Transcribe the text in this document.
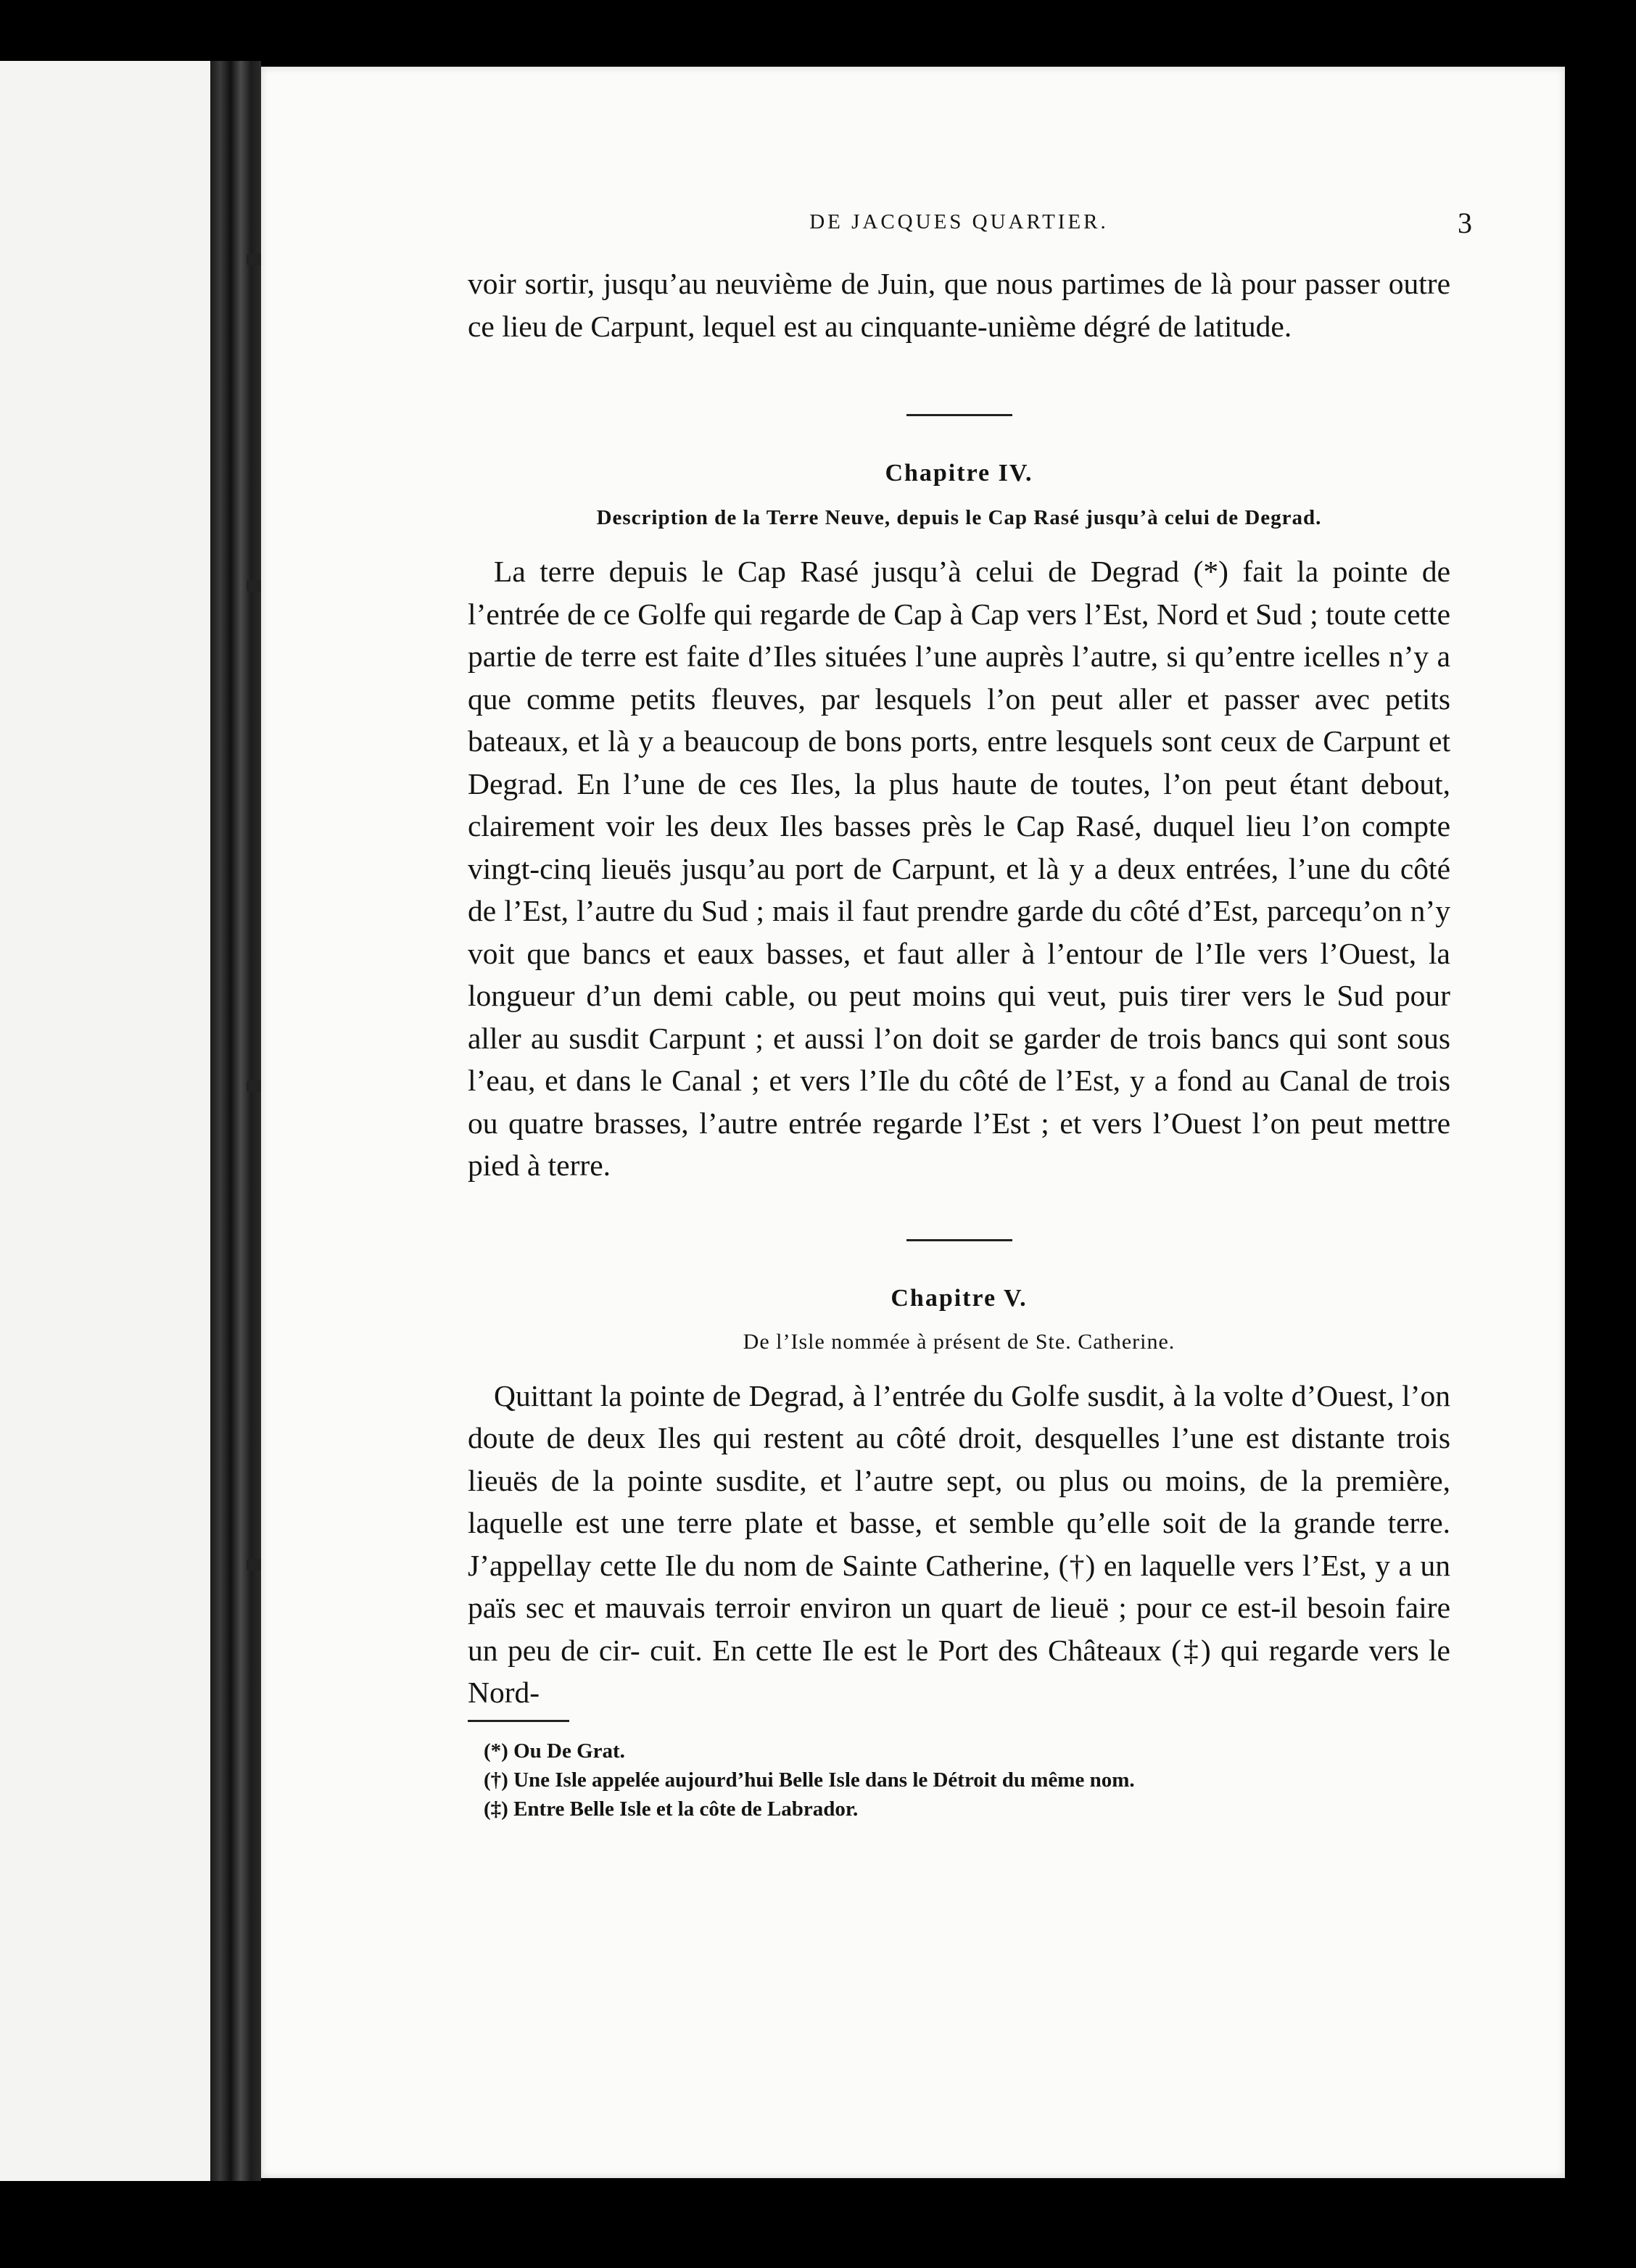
DE JACQUES QUARTIER.	3

voir sortir, jusqu’au neuvième de Juin, que nous partimes de là pour passer outre ce lieu de Carpunt, lequel est au cinquante-unième dégré de latitude.

Chapitre IV.
Description de la Terre Neuve, depuis le Cap Rasé jusqu’à celui de Degrad.

La terre depuis le Cap Rasé jusqu’à celui de Degrad (*) fait la pointe de l’entrée de ce Golfe qui regarde de Cap à Cap vers l’Est, Nord et Sud ; toute cette partie de terre est faite d’Iles situées l’une auprès l’autre, si qu’entre icelles n’y a que comme petits fleuves, par lesquels l’on peut aller et passer avec petits bateaux, et là y a beaucoup de bons ports, entre lesquels sont ceux de Carpunt et Degrad. En l’une de ces Iles, la plus haute de toutes, l’on peut étant debout, clairement voir les deux Iles basses près le Cap Rasé, duquel lieu l’on compte vingt-cinq lieuës jusqu’au port de Carpunt, et là y a deux entrées, l’une du côté de l’Est, l’autre du Sud ; mais il faut prendre garde du côté d’Est, parcequ’on n’y voit que bancs et eaux basses, et faut aller à l’entour de l’Ile vers l’Ouest, la longueur d’un demi cable, ou peut moins qui veut, puis tirer vers le Sud pour aller au susdit Carpunt ; et aussi l’on doit se garder de trois bancs qui sont sous l’eau, et dans le Canal ; et vers l’Ile du côté de l’Est, y a fond au Canal de trois ou quatre brasses, l’autre entrée regarde l’Est ; et vers l’Ouest l’on peut mettre pied à terre.

Chapitre V.
De l’Isle nommée à présent de Ste. Catherine.

Quittant la pointe de Degrad, à l’entrée du Golfe susdit, à la volte d’Ouest, l’on doute de deux Iles qui restent au côté droit, desquelles l’une est distante trois lieuës de la pointe susdite, et l’autre sept, ou plus ou moins, de la première, laquelle est une terre plate et basse, et semble qu’elle soit de la grande terre. J’appellay cette Ile du nom de Sainte Catherine, (†) en laquelle vers l’Est, y a un païs sec et mauvais terroir environ un quart de lieuë ; pour ce est-il besoin faire un peu de cir- cuit. En cette Ile est le Port des Châteaux (‡) qui regarde vers le Nord-

(*) Ou De Grat.
(†) Une Isle appelée aujourd’hui Belle Isle dans le Détroit du même nom.
(‡) Entre Belle Isle et la côte de Labrador.
